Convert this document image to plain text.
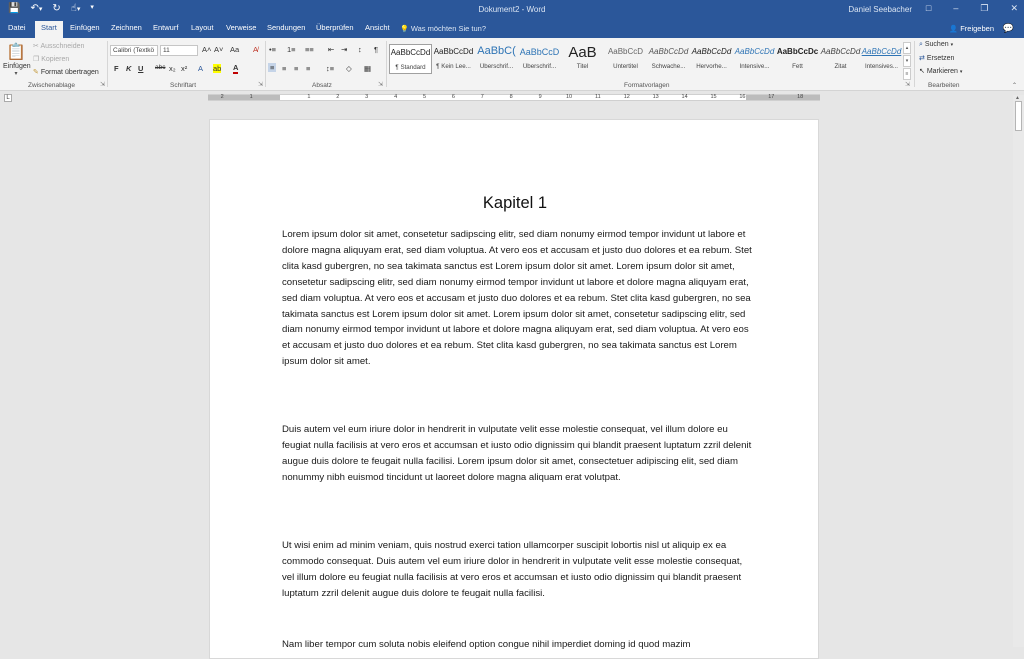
💾 ↶▾ ↻ ☝▾ ▾	Dokument2 - Word	Daniel Seebacher □ – ❐ ✕
Datei	Start	Einfügen Zeichnen Entwurf Layout Verweise Sendungen Überprüfen Ansicht 💡 Was möchten Sie tun?	👤 Freigeben 💬
📋
Einfügen
▾
✂ Ausschneiden
❐ Kopieren
✎ Format übertragen
Zwischenablage	⇲
Calibri (Textkö	11	A˄ A˅ Aa A̸
F K U abc x₂ x² A ab A
Schriftart	⇲
•≡ 1≡ ≡≡ ⇤ ⇥ ↕ ¶
≡ ≡ ≡ ≡ ↕≡ ◇ ▦
Absatz	⇲
AaBbCcDd
¶ Standard
AaBbCcDd
¶ Kein Lee...
AaBbC(
Überschrif...
AaBbCcD
Überschrif...
AaB
Titel
AaBbCcD
Untertitel
AaBbCcDd
Schwache...
AaBbCcDd
Hervorhe...
AaBbCcDd
Intensive...
AaBbCcDc
Fett
AaBbCcDd
Zitat
AaBbCcDd
Intensives...
▴
▾
≡
Formatvorlagen	⇲
⌕ Suchen ▾
⇄ Ersetzen
↖ Markieren ▾
Bearbeiten	⌃
L	2	1	1	2	3	4	5	6	7	8	9	10	11	12	13	14	15	16	17	18	▲
Kapitel 1

Lorem ipsum dolor sit amet, consetetur sadipscing elitr, sed diam nonumy eirmod tempor invidunt ut labore et dolore magna aliquyam erat, sed diam voluptua. At vero eos et accusam et justo duo dolores et ea rebum. Stet clita kasd gubergren, no sea takimata sanctus est Lorem ipsum dolor sit amet. Lorem ipsum dolor sit amet, consetetur sadipscing elitr, sed diam nonumy eirmod tempor invidunt ut labore et dolore magna aliquyam erat, sed diam voluptua. At vero eos et accusam et justo duo dolores et ea rebum. Stet clita kasd gubergren, no sea takimata sanctus est Lorem ipsum dolor sit amet. Lorem ipsum dolor sit amet, consetetur sadipscing elitr, sed diam nonumy eirmod tempor invidunt ut labore et dolore magna aliquyam erat, sed diam voluptua. At vero eos et accusam et justo duo dolores et ea rebum. Stet clita kasd gubergren, no sea takimata sanctus est Lorem ipsum dolor sit amet.

Duis autem vel eum iriure dolor in hendrerit in vulputate velit esse molestie consequat, vel illum dolore eu feugiat nulla facilisis at vero eros et accumsan et iusto odio dignissim qui blandit praesent luptatum zzril delenit augue duis dolore te feugait nulla facilisi. Lorem ipsum dolor sit amet, consectetuer adipiscing elit, sed diam nonummy nibh euismod tincidunt ut laoreet dolore magna aliquam erat volutpat.

Ut wisi enim ad minim veniam, quis nostrud exerci tation ullamcorper suscipit lobortis nisl ut aliquip ex ea commodo consequat. Duis autem vel eum iriure dolor in hendrerit in vulputate velit esse molestie consequat, vel illum dolore eu feugiat nulla facilisis at vero eros et accumsan et iusto odio dignissim qui blandit praesent luptatum zzril delenit augue duis dolore te feugait nulla facilisi.

Nam liber tempor cum soluta nobis eleifend option congue nihil imperdiet doming id quod mazim
